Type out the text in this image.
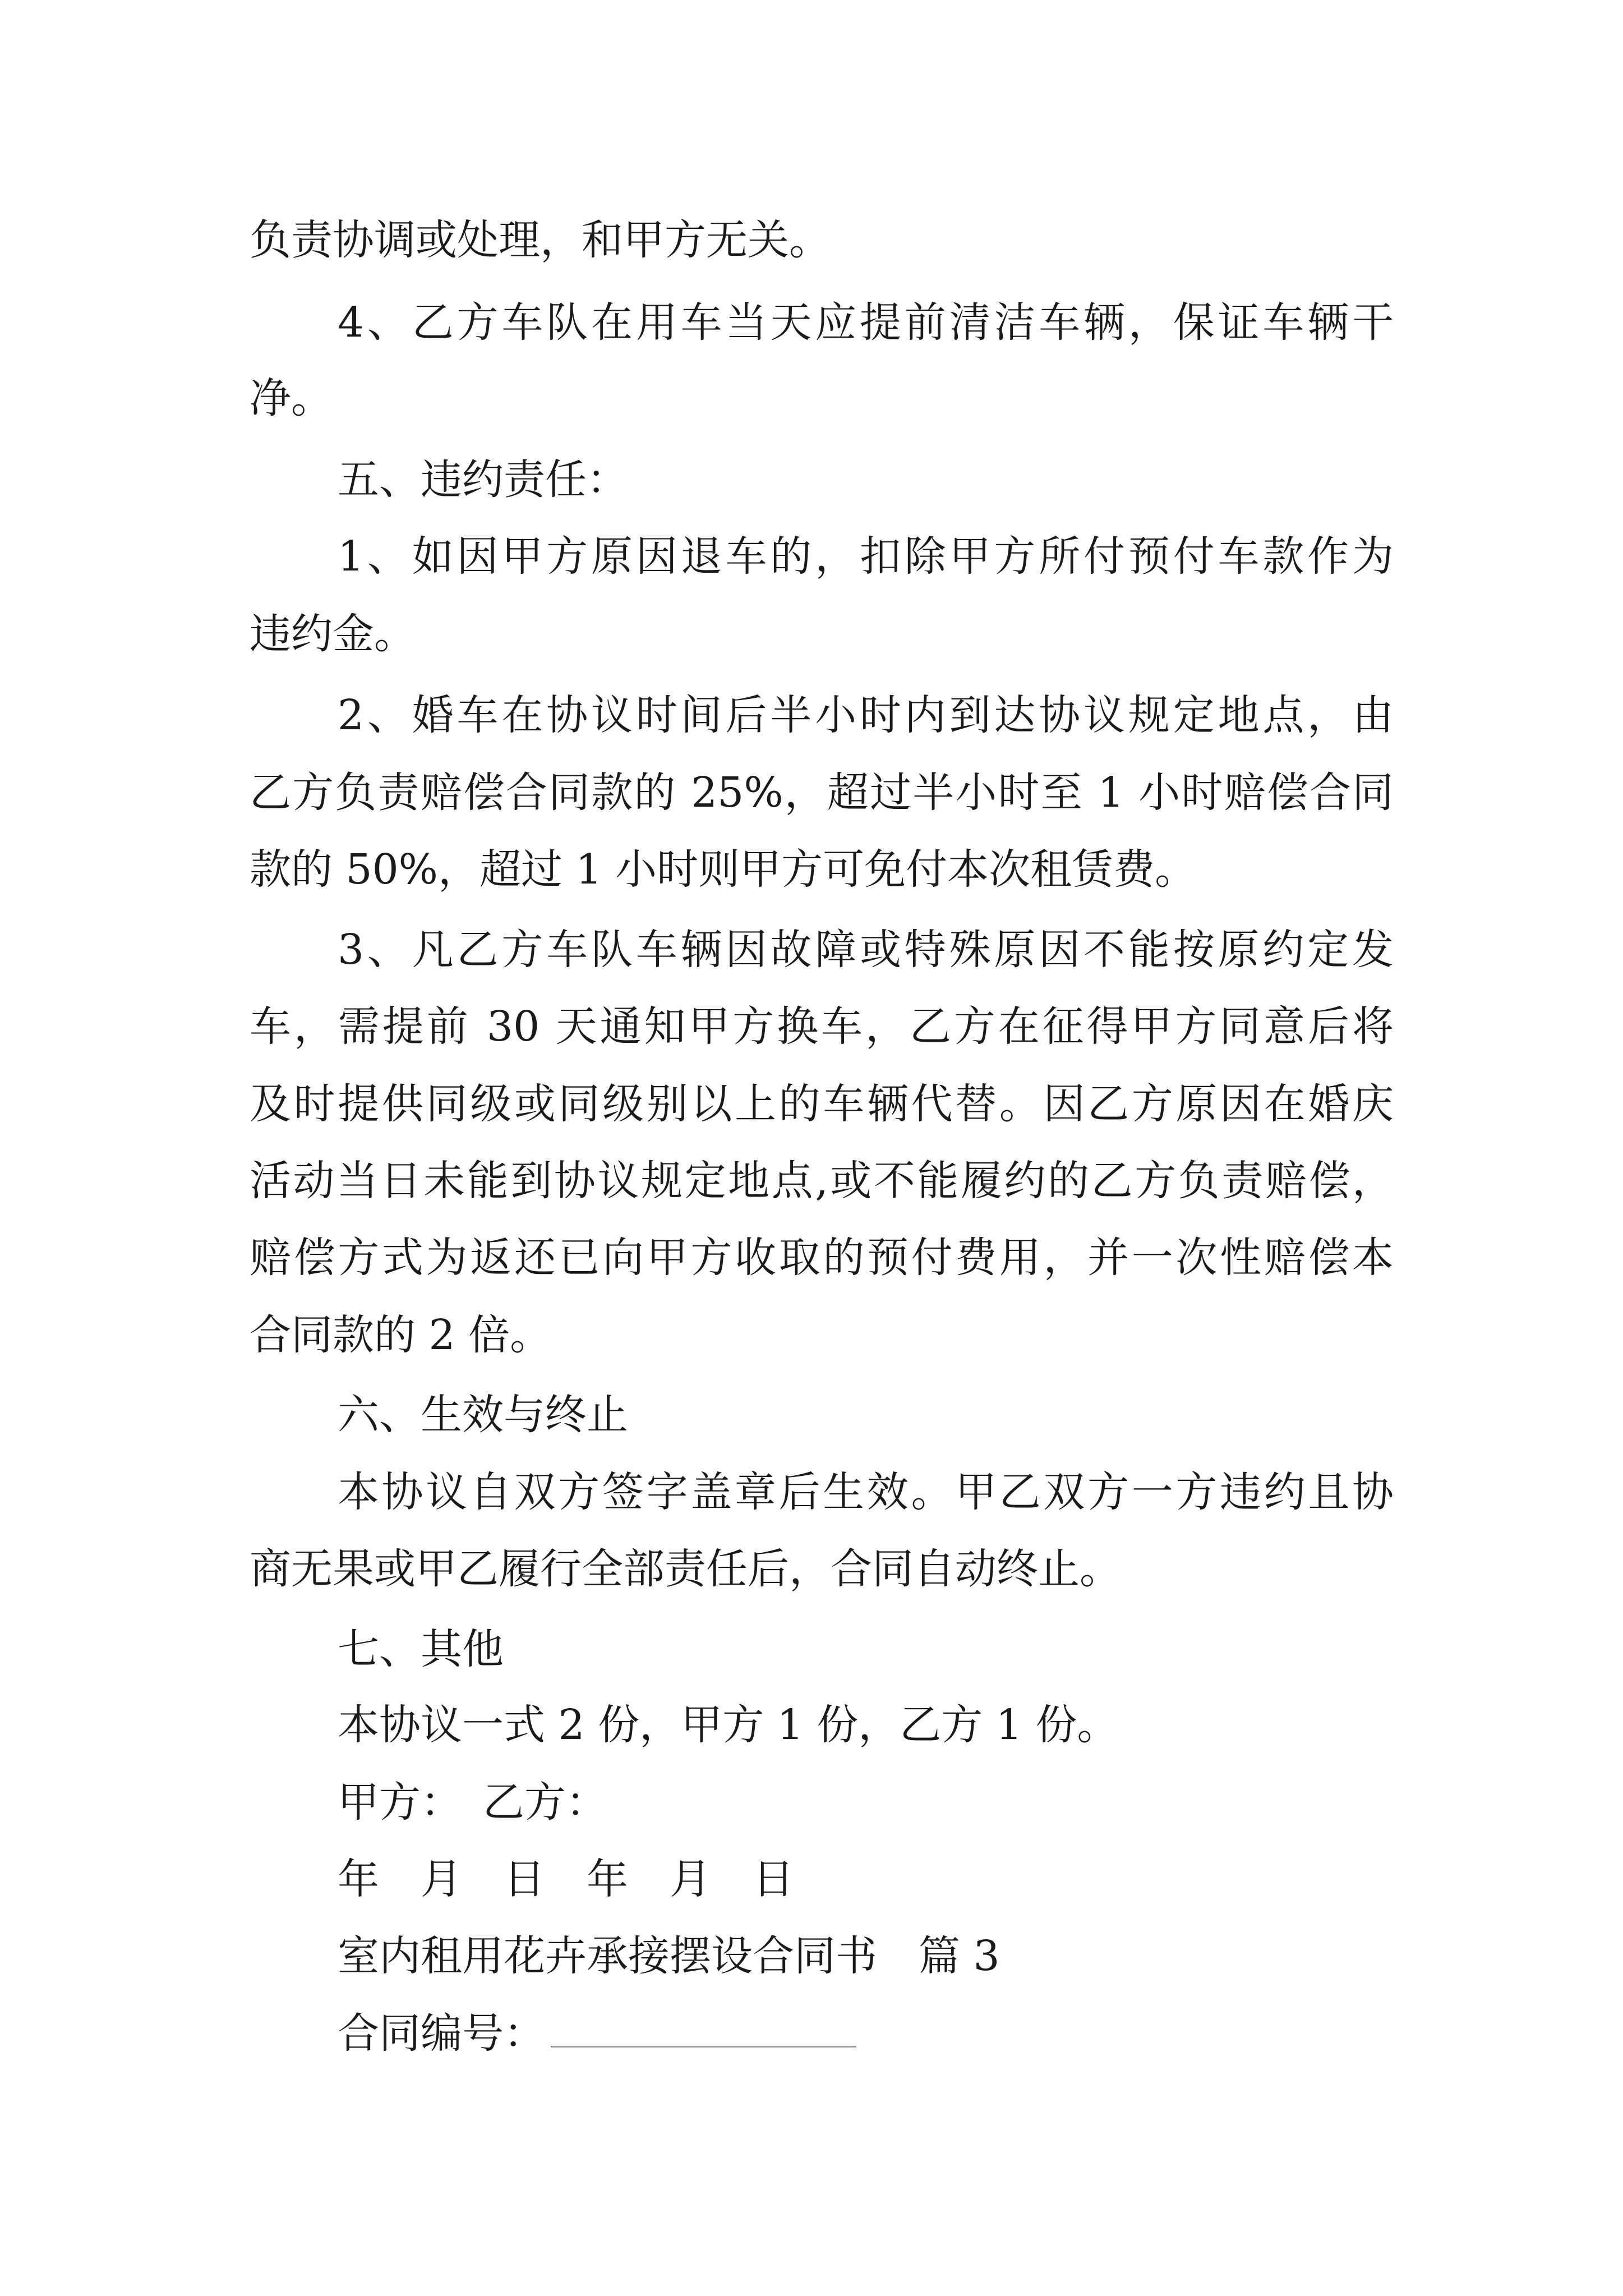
负责协调或处理，和甲方无关。
4、乙方车队在用车当天应提前清洁车辆，保证车辆干
净。
五、违约责任：
1、如因甲方原因退车的，扣除甲方所付预付车款作为
违约金。
2、婚车在协议时间后半小时内到达协议规定地点，由
乙方负责赔偿合同款的 25%，超过半小时至 1 小时赔偿合同
款的 50%，超过 1 小时则甲方可免付本次租赁费。
3、凡乙方车队车辆因故障或特殊原因不能按原约定发
车，需提前 30 天通知甲方换车，乙方在征得甲方同意后将
及时提供同级或同级别以上的车辆代替。因乙方原因在婚庆
活动当日未能到协议规定地点,或不能履约的乙方负责赔偿，
赔偿方式为返还已向甲方收取的预付费用，并一次性赔偿本
合同款的 2 倍。
六、生效与终止
本协议自双方签字盖章后生效。甲乙双方一方违约且协
商无果或甲乙履行全部责任后，合同自动终止。
七、其他
本协议一式 2 份，甲方 1 份，乙方 1 份。
甲方：　乙方：
年　月　日　年　月　日
室内租用花卉承接摆设合同书　篇 3
合同编号：
